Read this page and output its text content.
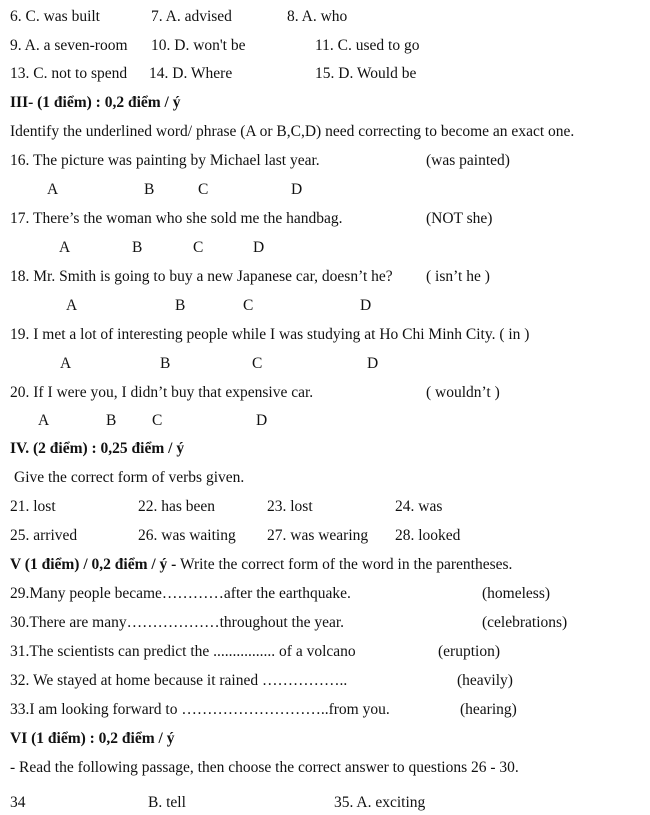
6. C. was built	7. A. advised	8. A. who
9. A. a seven-room 10. D. won't be	11. C. used to go
13. C. not to spend 14. D. Where	15. D. Would be
III- (1 điểm) : 0,2 điểm / ý
Identify the underlined word/ phrase (A or B,C,D) need correcting to become an exact one.
16. The picture was painting by Michael last year.	(was painted)
A	B	C	D
17. There’s the woman who she sold me the handbag.	(NOT she)
A	B	C	D
18. Mr. Smith is going to buy a new Japanese car, doesn’t he? ( isn’t he )
A	B	C	D
19. I met a lot of interesting people while I was studying at Ho Chi Minh City. ( in )
A	B	C	D
20. If I were you, I didn’t buy that expensive car.	( wouldn’t )
A	B C	D
IV. (2 điểm) : 0,25 điểm / ý
Give the correct form of verbs given.
21. lost	22. has been	23. lost	24. was
25. arrived	26. was waiting 27. was wearing 28. looked
V (1 điểm) / 0,2 điểm / ý - Write the correct form of the word in the parentheses.
29.Many people became…………after the earthquake.	(homeless)
30.There are many………………throughout the year.	(celebrations)
31.The scientists can predict the ................ of a volcano	(eruption)
32. We stayed at home because it rained ……………..	(heavily)
33.I am looking forward to ………………………..from you.	(hearing)
VI (1 điểm) : 0,2 điểm / ý
- Read the following passage, then choose the correct answer to questions 26 - 30.
34	B. tell	35. A. exciting
